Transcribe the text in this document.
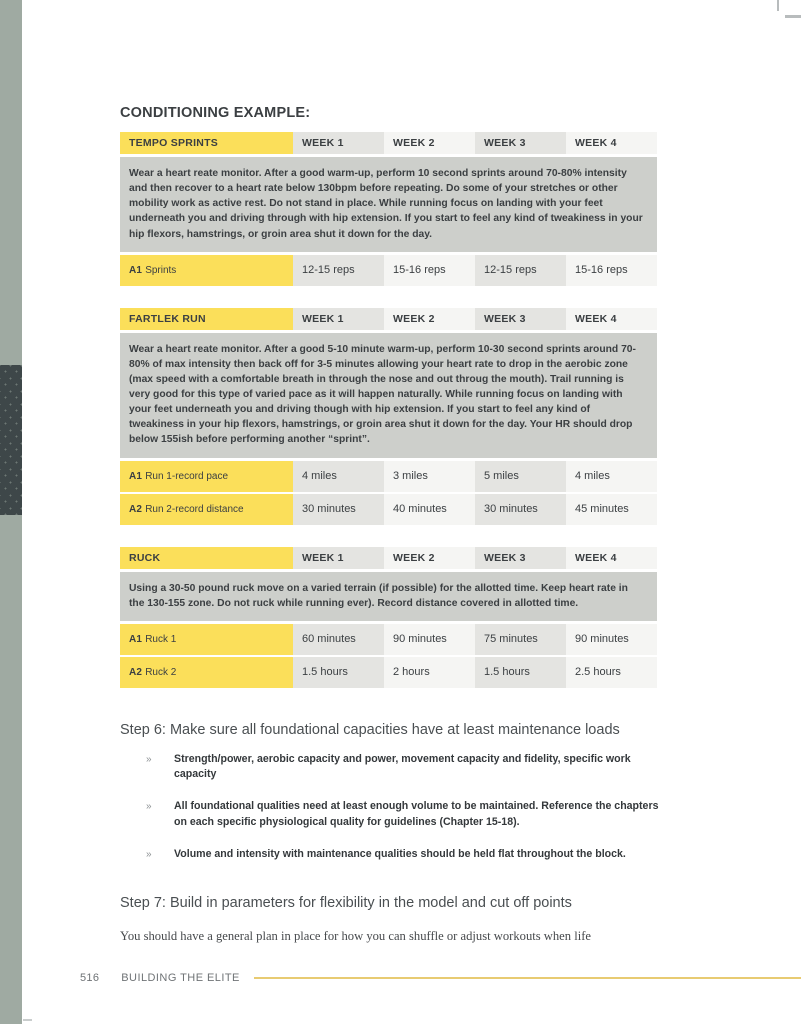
CONDITIONING EXAMPLE:
TEMPO SPRINTS	WEEK 1	WEEK 2	WEEK 3	WEEK 4

Wear a heart reate monitor. After a good warm-up, perform 10 second sprints around 70-80% intensity and then recover to a heart rate below 130bpm before repeating. Do some of your stretches or other mobility work as active rest. Do not stand in place. While running focus on landing with your feet underneath you and driving through with hip extension. If you start to feel any kind of tweakiness in your hip flexors, hamstrings, or groin area shut it down for the day.				

A1 Sprints	12-15 reps	15-16 reps	12-15 reps	15-16 reps
FARTLEK RUN	WEEK 1	WEEK 2	WEEK 3	WEEK 4

Wear a heart reate monitor. After a good 5-10 minute warm-up, perform 10-30 second sprints around 70-80% of max intensity then back off for 3-5 minutes allowing your heart rate to drop in the aerobic zone (max speed with a comfortable breath in through the nose and out throug the mouth). Trail running is very good for this type of varied pace as it will happen naturally. While running focus on landing with your feet underneath you and driving though with hip extension. If you start to feel any kind of tweakiness in your hip flexors, hamstrings, or groin area shut it down for the day. Your HR should drop below 155ish before performing another “sprint”.				

A1 Run 1-record pace	4 miles	3 miles	5 miles	4 miles

A2 Run 2-record distance	30 minutes	40 minutes	30 minutes	45 minutes
RUCK	WEEK 1	WEEK 2	WEEK 3	WEEK 4

Using a 30-50 pound ruck move on a varied terrain (if possible) for the allotted time. Keep heart rate in the 130-155 zone. Do not ruck while running ever). Record distance covered in allotted time.				

A1 Ruck 1	60 minutes	90 minutes	75 minutes	90 minutes

A2 Ruck 2	1.5 hours	2 hours	1.5 hours	2.5 hours
Step 6: Make sure all foundational capacities have at least maintenance loads
»	Strength/power, aerobic capacity and power, movement capacity and fidelity, specific work capacity
»	All foundational qualities need at least enough volume to be maintained. Reference the chapters on each specific physiological quality for guidelines (Chapter 15-18).
»	Volume and intensity with maintenance qualities should be held flat throughout the block.
Step 7: Build in parameters for flexibility in the model and cut off points

You should have a general plan in place for how you can shuffle or adjust workouts when life

516 BUILDING THE ELITE
